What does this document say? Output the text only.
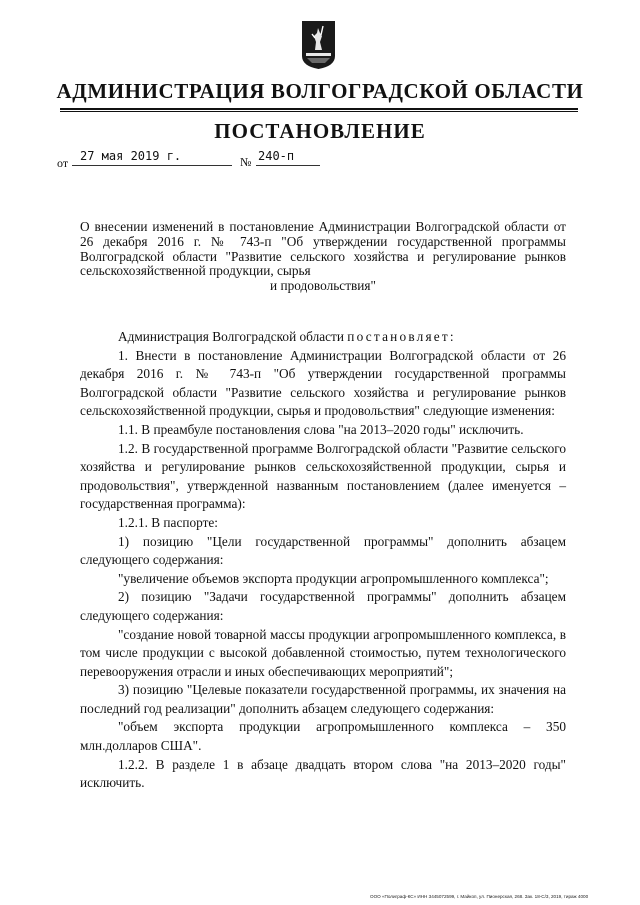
АДМИНИСТРАЦИЯ ВОЛГОГРАДСКОЙ ОБЛАСТИ
ПОСТАНОВЛЕНИЕ
от 27 мая 2019 г.	№ 240-п
О внесении изменений в постановление Администрации Волгоградской области от 26 декабря 2016 г. № 743-п "Об утверждении государственной программы Волгоградской области "Развитие сельского хозяйства и регулирование рынков сельскохозяйственной продукции, сырья
и продовольствия"

Администрация Волгоградской области постановляет:

1. Внести в постановление Администрации Волгоградской области от 26 декабря 2016 г. № 743-п "Об утверждении государственной программы Волгоградской области "Развитие сельского хозяйства и регулирование рынков сельскохозяйственной продукции, сырья и продовольствия" следующие изменения:

1.1. В преамбуле постановления слова "на 2013–2020 годы" исключить.

1.2. В государственной программе Волгоградской области "Развитие сельского хозяйства и регулирование рынков сельскохозяйственной продукции, сырья и продовольствия", утвержденной названным постановлением (далее именуется – государственная программа):

1.2.1. В паспорте:

1) позицию "Цели государственной программы" дополнить абзацем следующего содержания:

"увеличение объемов экспорта продукции агропромышленного комплекса";

2) позицию "Задачи государственной программы" дополнить абзацем следующего содержания:

"создание новой товарной массы продукции агропромышленного комплекса, в том числе продукции с высокой добавленной стоимостью, путем технологического перевооружения отрасли и иных обеспечивающих мероприятий";

3) позицию "Целевые показатели государственной программы, их значения на последний год реализации" дополнить абзацем следующего содержания:

"объем экспорта продукции агропромышленного комплекса – 350 млн.долларов США".

1.2.2. В разделе 1 в абзаце двадцать втором слова "на 2013–2020 годы" исключить.

ООО «Полиграф-КС» ИНН 3445072599, г. Майкоп, ул. Пионерская, 268. Зак. 18-С/3, 2019, тираж 4000
